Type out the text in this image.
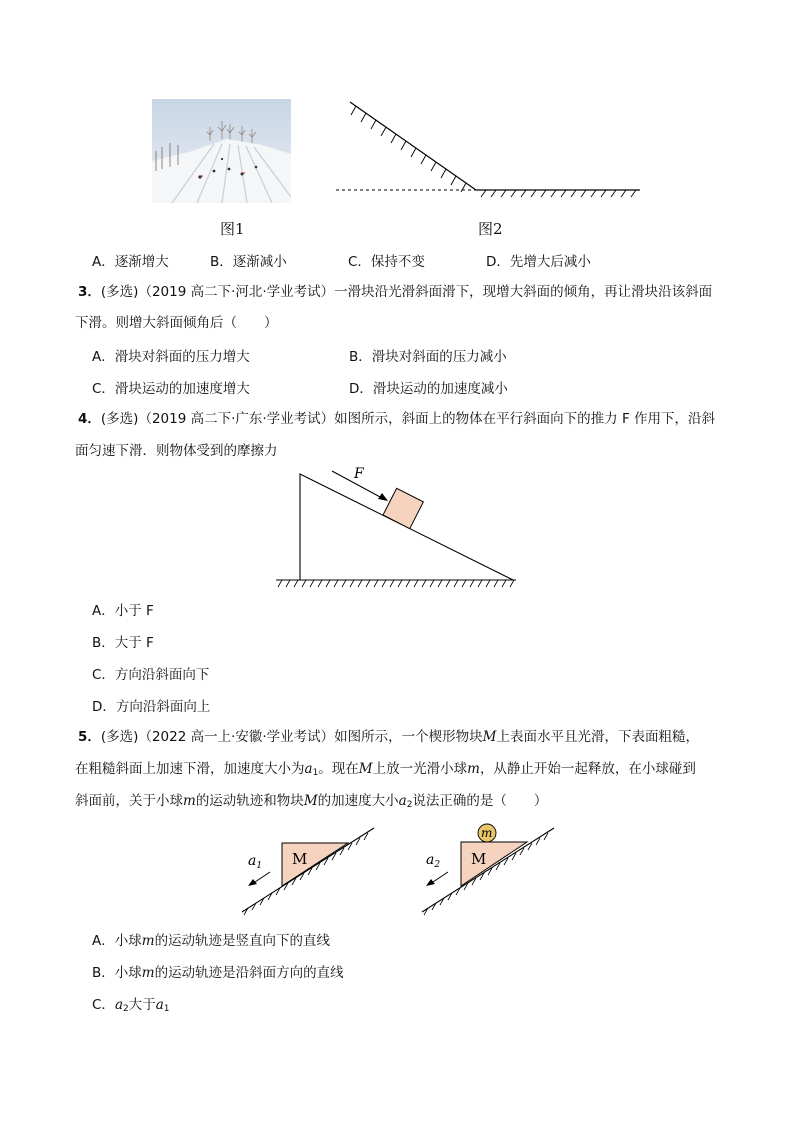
图1	图2
A．逐渐增大	B．逐渐减小	C．保持不变	D．先增大后减小
3．(多选)（2019 高二下·河北·学业考试）一滑块沿光滑斜面滑下，现增大斜面的倾角，再让滑块沿该斜面
下滑。则增大斜面倾角后（　　）
A．滑块对斜面的压力增大	B．滑块对斜面的压力减小
C．滑块运动的加速度增大	D．滑块运动的加速度减小
4．(多选)（2019 高二下·广东·学业考试）如图所示，斜面上的物体在平行斜面向下的推力 F 作用下，沿斜
面匀速下滑．则物体受到的摩擦力
F
A．小于 F
B．大于 F
C．方向沿斜面向下
D．方向沿斜面向上
5．(多选)（2022 高一上·安徽·学业考试）如图所示，一个楔形物块M上表面水平且光滑，下表面粗糙，
在粗糙斜面上加速下滑，加速度大小为$a_1$。现在M上放一光滑小球m，从静止开始一起释放，在小球碰到
斜面前，关于小球m的运动轨迹和物块M的加速度大小$a_2$说法正确的是（　　）
M
$a_1$
m
M
$a_2$
A．小球m的运动轨迹是竖直向下的直线
B．小球m的运动轨迹是沿斜面方向的直线
C．$a_2$大于$a_1$
